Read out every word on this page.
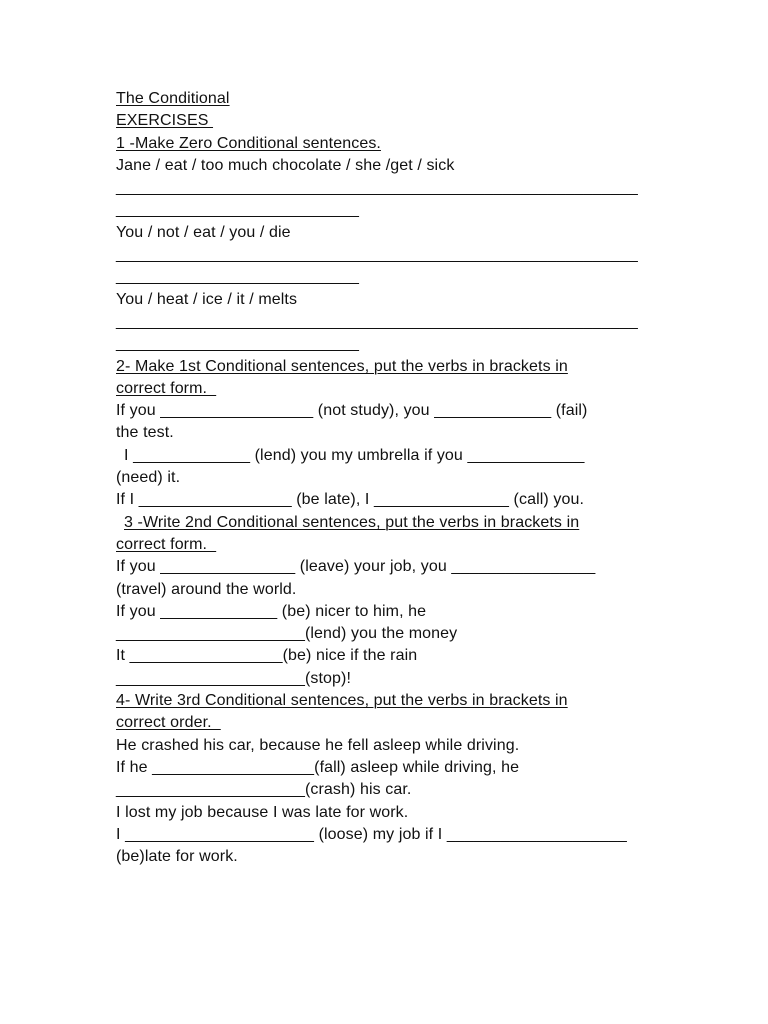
The Conditional
EXERCISES
1 -Make Zero Conditional sentences.
Jane / eat / too much chocolate / she /get / sick
__________________________________________________________
___________________________
You / not / eat / you / die
__________________________________________________________
___________________________
You / heat / ice / it / melts
__________________________________________________________
___________________________
2- Make 1st Conditional sentences, put the verbs in brackets in
correct form.
If you _________________ (not study), you _____________ (fail)
the test.
I _____________ (lend) you my umbrella if you _____________
(need) it.
If I _________________ (be late), I _______________ (call) you.
3 -Write 2nd Conditional sentences, put the verbs in brackets in
correct form.
If you _______________ (leave) your job, you ________________
(travel) around the world.
If you _____________ (be) nicer to him, he
_____________________(lend) you the money
It _________________(be) nice if the rain
_____________________(stop)!
4- Write 3rd Conditional sentences, put the verbs in brackets in
correct order.
He crashed his car, because he fell asleep while driving.
If he __________________(fall) asleep while driving, he
_____________________(crash) his car.
I lost my job because I was late for work.
I _____________________ (loose) my job if I ____________________
(be)late for work.
